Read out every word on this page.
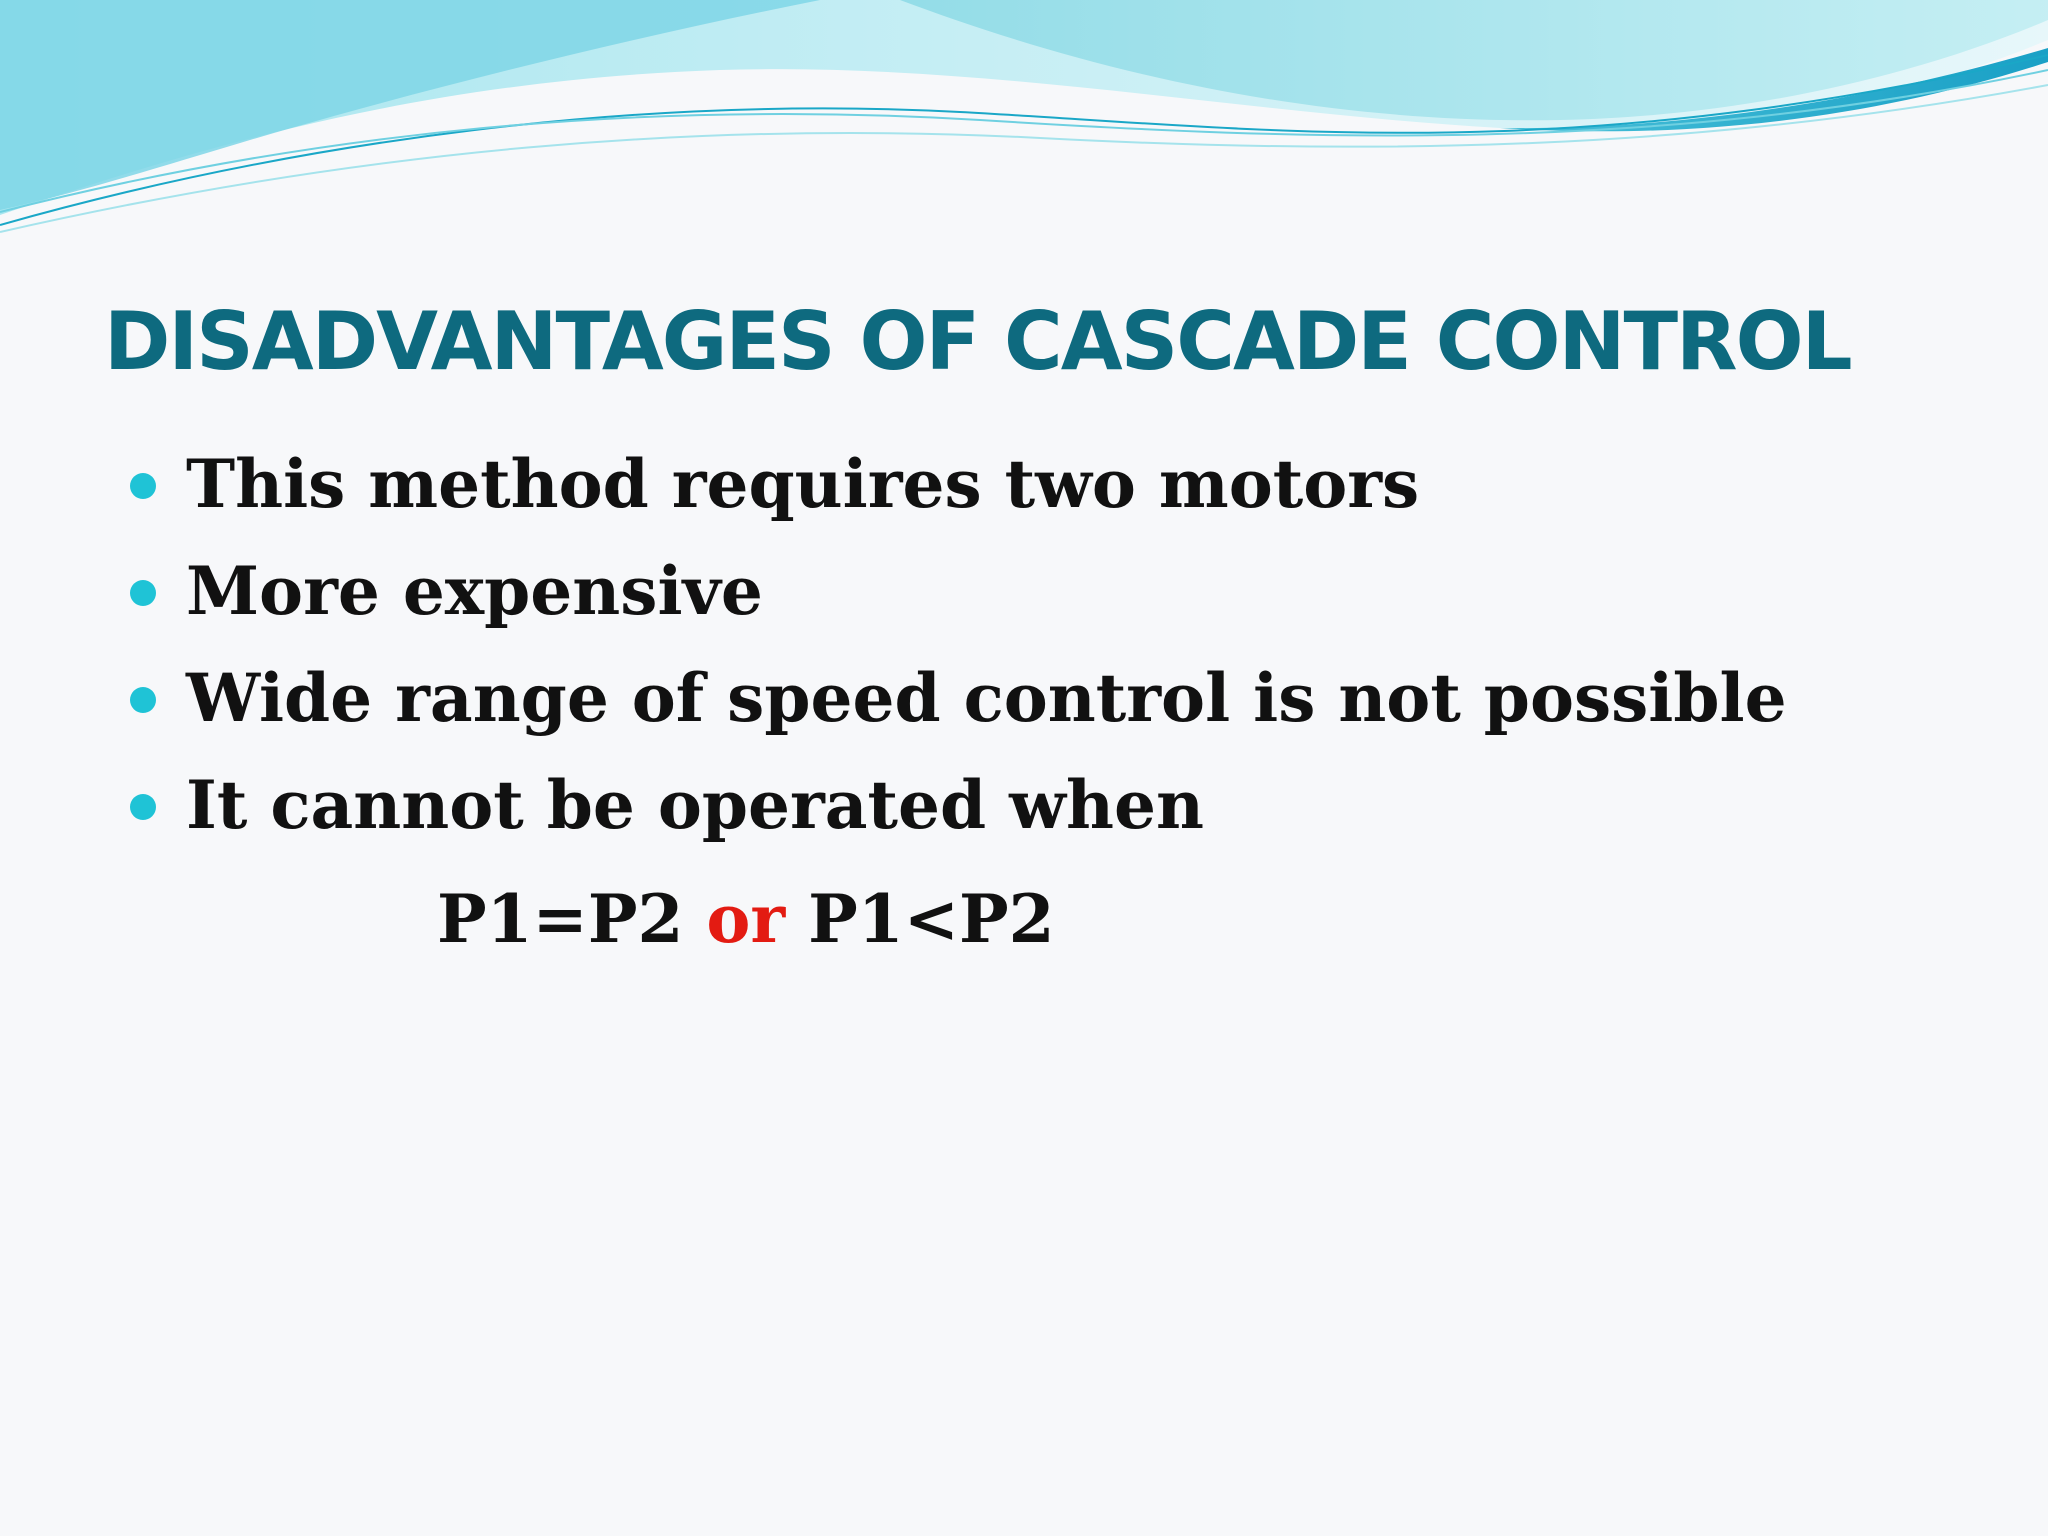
DISADVANTAGES OF CASCADE CONTROL
This method requires two motors
More expensive
Wide range of speed control is not possible
It cannot be operated when
P1=P2 or P1<P2
